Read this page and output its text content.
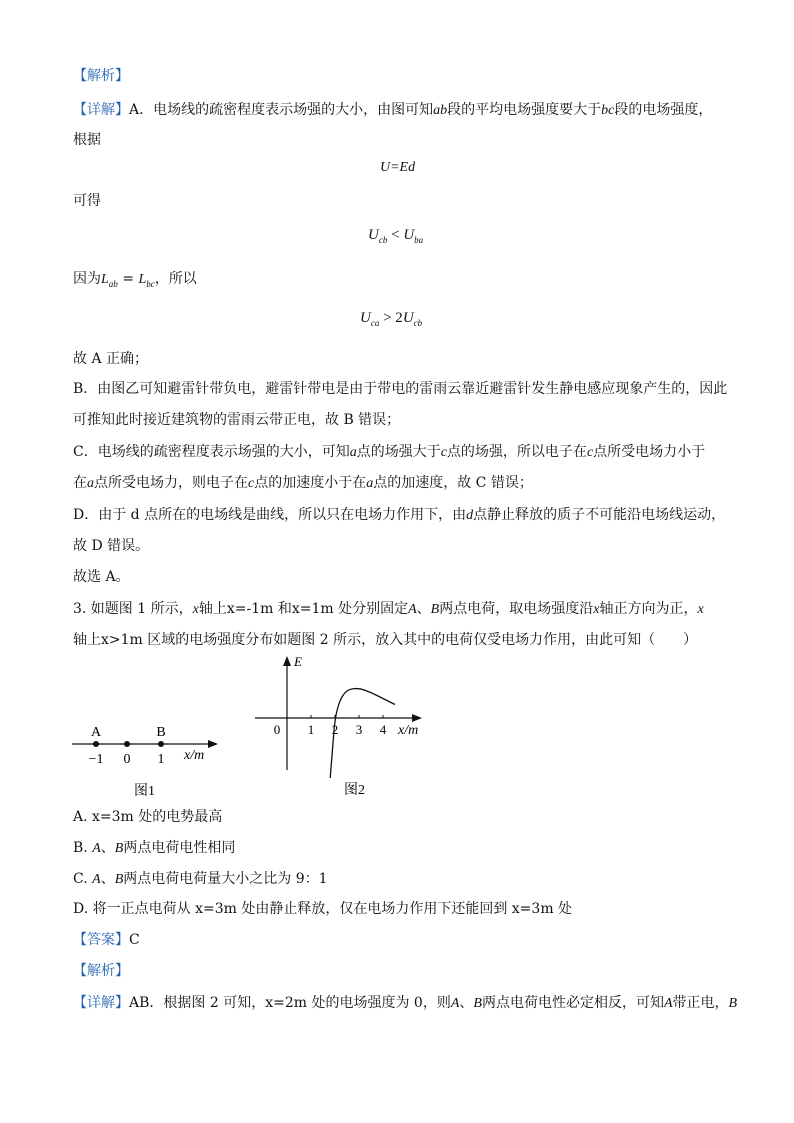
【解析】
【详解】A．电场线的疏密程度表示场强的大小，由图可知ab段的平均电场强度要大于bc段的电场强度，
根据
U=Ed
可得
$U_{cb} < U_{ba}$
因为$L_{ab} = L_{bc}$，所以
$U_{ca} > 2U_{cb}$
故 A 正确；
B．由图乙可知避雷针带负电，避雷针带电是由于带电的雷雨云靠近避雷针发生静电感应现象产生的，因此
可推知此时接近建筑物的雷雨云带正电，故 B 错误；
C．电场线的疏密程度表示场强的大小，可知a点的场强大于c点的场强，所以电子在c点所受电场力小于
在a点所受电场力，则电子在c点的加速度小于在a点的加速度，故 C 错误；
D．由于 d 点所在的电场线是曲线，所以只在电场力作用下，由d点静止释放的质子不可能沿电场线运动，
故 D 错误。
故选 A。
3. 如题图 1 所示，x轴上x=-1m 和x=1m 处分别固定A、B两点电荷，取电场强度沿x轴正方向为正，x
轴上x>1m 区域的电场强度分布如题图 2 所示，放入其中的电荷仅受电场力作用，由此可知（　　）
A	B
−1 0 1 x/m
图1
E
x/m
0 1 2 3 4
图2
A. x=3m 处的电势最高
B. A、B两点电荷电性相同
C. A、B两点电荷电荷量大小之比为 9：1
D. 将一正点电荷从 x=3m 处由静止释放，仅在电场力作用下还能回到 x=3m 处
【答案】C
【解析】
【详解】AB．根据图 2 可知，x=2m 处的电场强度为 0，则A、B两点电荷电性必定相反，可知A带正电，B
